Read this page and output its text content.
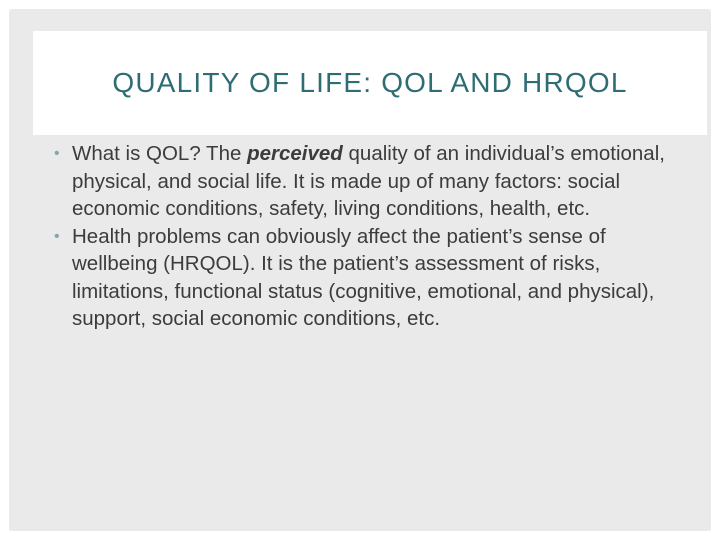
QUALITY OF LIFE: QOL AND HRQOL
• What is QOL? The perceived quality of an individual’s emotional, physical, and social life. It is made up of many factors: social economic conditions, safety, living conditions, health, etc.
• Health problems can obviously affect the patient’s sense of wellbeing (HRQOL). It is the patient’s assessment of risks, limitations, functional status (cognitive, emotional, and physical), support, social economic conditions, etc.
